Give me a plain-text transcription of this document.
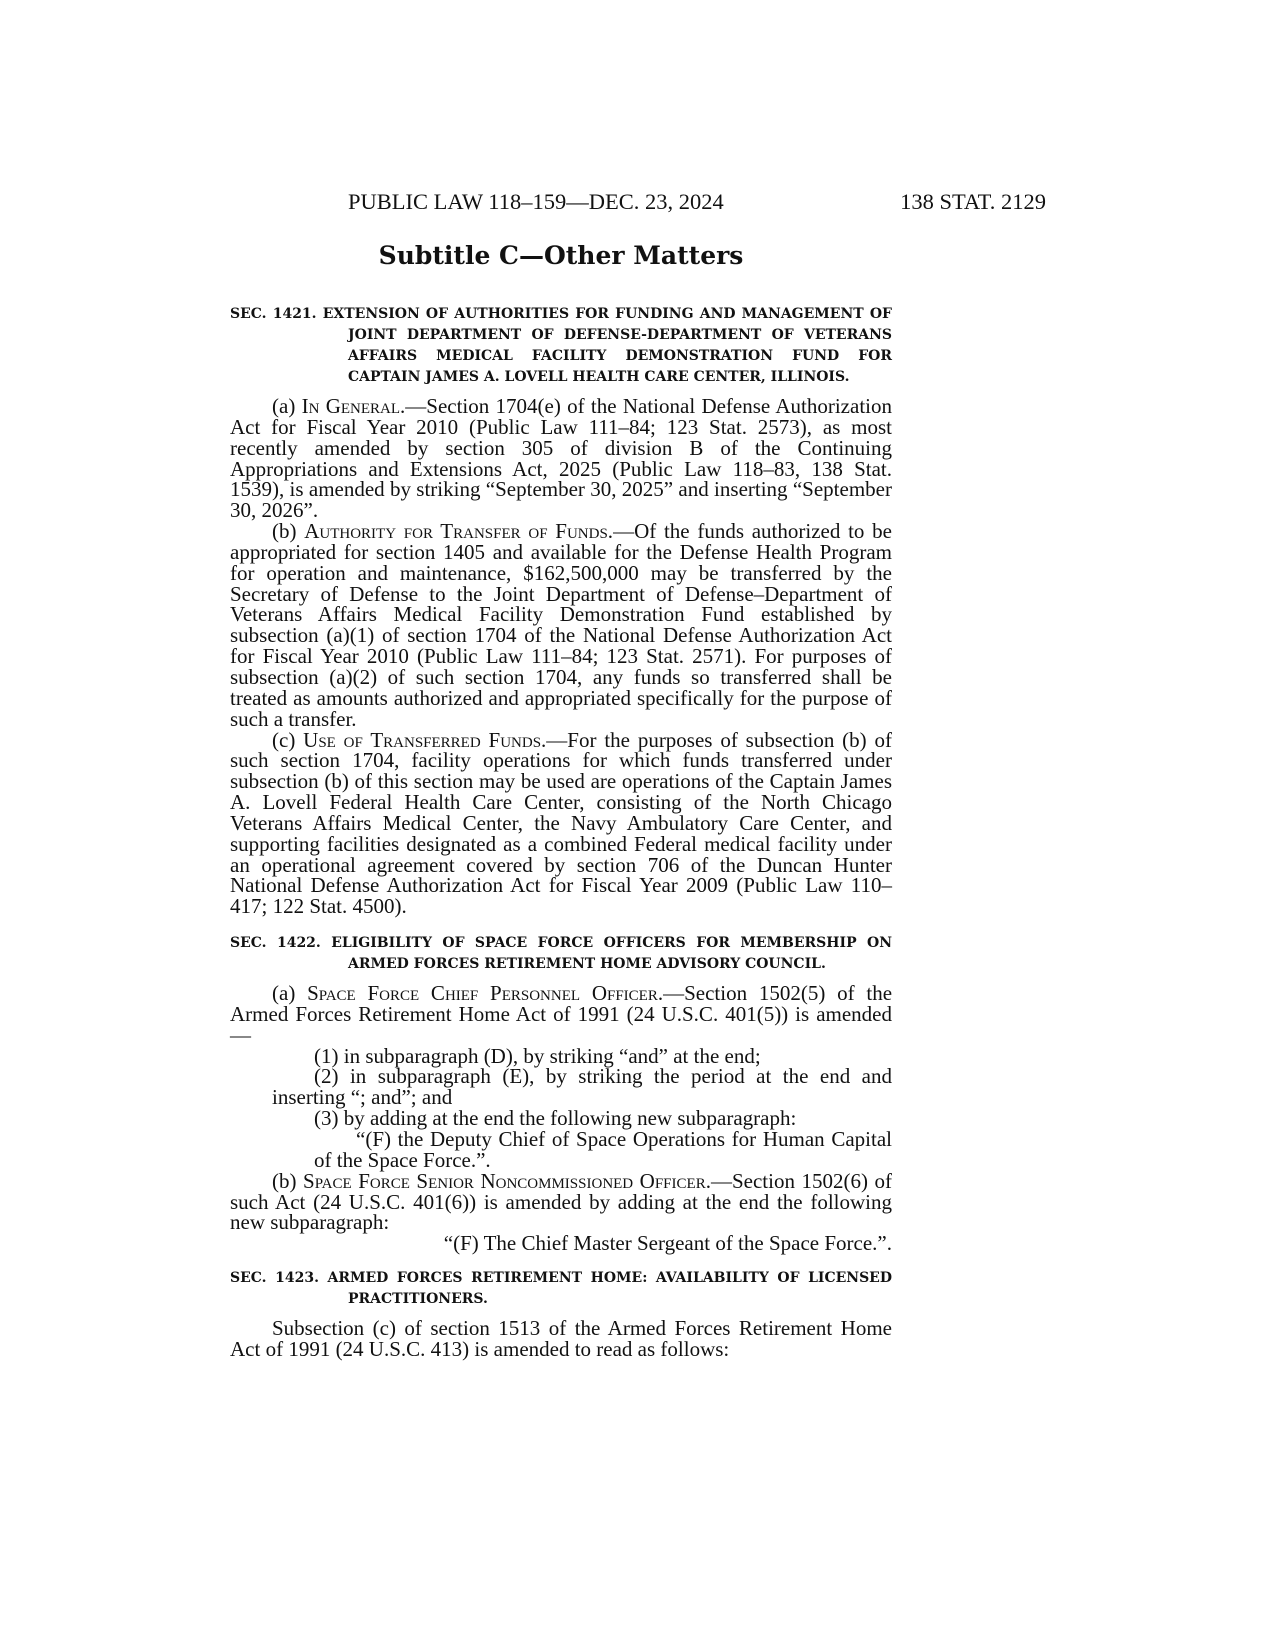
PUBLIC LAW 118–159—DEC. 23, 2024	138 STAT. 2129
Subtitle C—Other Matters
SEC. 1421. EXTENSION OF AUTHORITIES FOR FUNDING AND MANAGEMENT OF JOINT DEPARTMENT OF DEFENSE-DEPARTMENT OF VETERANS AFFAIRS MEDICAL FACILITY DEMONSTRATION FUND FOR CAPTAIN JAMES A. LOVELL HEALTH CARE CENTER, ILLINOIS.
(a) In General.—Section 1704(e) of the National Defense Authorization Act for Fiscal Year 2010 (Public Law 111–84; 123 Stat. 2573), as most recently amended by section 305 of division B of the Continuing Appropriations and Extensions Act, 2025 (Public Law 118–83, 138 Stat. 1539), is amended by striking “September 30, 2025” and inserting “September 30, 2026”.
(b) Authority for Transfer of Funds.—Of the funds authorized to be appropriated for section 1405 and available for the Defense Health Program for operation and maintenance, $162,500,000 may be transferred by the Secretary of Defense to the Joint Department of Defense–Department of Veterans Affairs Medical Facility Demonstration Fund established by subsection (a)(1) of section 1704 of the National Defense Authorization Act for Fiscal Year 2010 (Public Law 111–84; 123 Stat. 2571). For purposes of subsection (a)(2) of such section 1704, any funds so transferred shall be treated as amounts authorized and appropriated specifically for the purpose of such a transfer.
(c) Use of Transferred Funds.—For the purposes of subsection (b) of such section 1704, facility operations for which funds transferred under subsection (b) of this section may be used are operations of the Captain James A. Lovell Federal Health Care Center, consisting of the North Chicago Veterans Affairs Medical Center, the Navy Ambulatory Care Center, and supporting facilities designated as a combined Federal medical facility under an operational agreement covered by section 706 of the Duncan Hunter National Defense Authorization Act for Fiscal Year 2009 (Public Law 110–417; 122 Stat. 4500).
SEC. 1422. ELIGIBILITY OF SPACE FORCE OFFICERS FOR MEMBERSHIP ON ARMED FORCES RETIREMENT HOME ADVISORY COUNCIL.
(a) Space Force Chief Personnel Officer.—Section 1502(5) of the Armed Forces Retirement Home Act of 1991 (24 U.S.C. 401(5)) is amended—
(1) in subparagraph (D), by striking “and” at the end;
(2) in subparagraph (E), by striking the period at the end and inserting “; and”; and
(3) by adding at the end the following new subparagraph:
“(F) the Deputy Chief of Space Operations for Human Capital of the Space Force.”.
(b) Space Force Senior Noncommissioned Officer.—Section 1502(6) of such Act (24 U.S.C. 401(6)) is amended by adding at the end the following new subparagraph:
“(F) The Chief Master Sergeant of the Space Force.”.
SEC. 1423. ARMED FORCES RETIREMENT HOME: AVAILABILITY OF LICENSED PRACTITIONERS.
Subsection (c) of section 1513 of the Armed Forces Retirement Home Act of 1991 (24 U.S.C. 413) is amended to read as follows:
